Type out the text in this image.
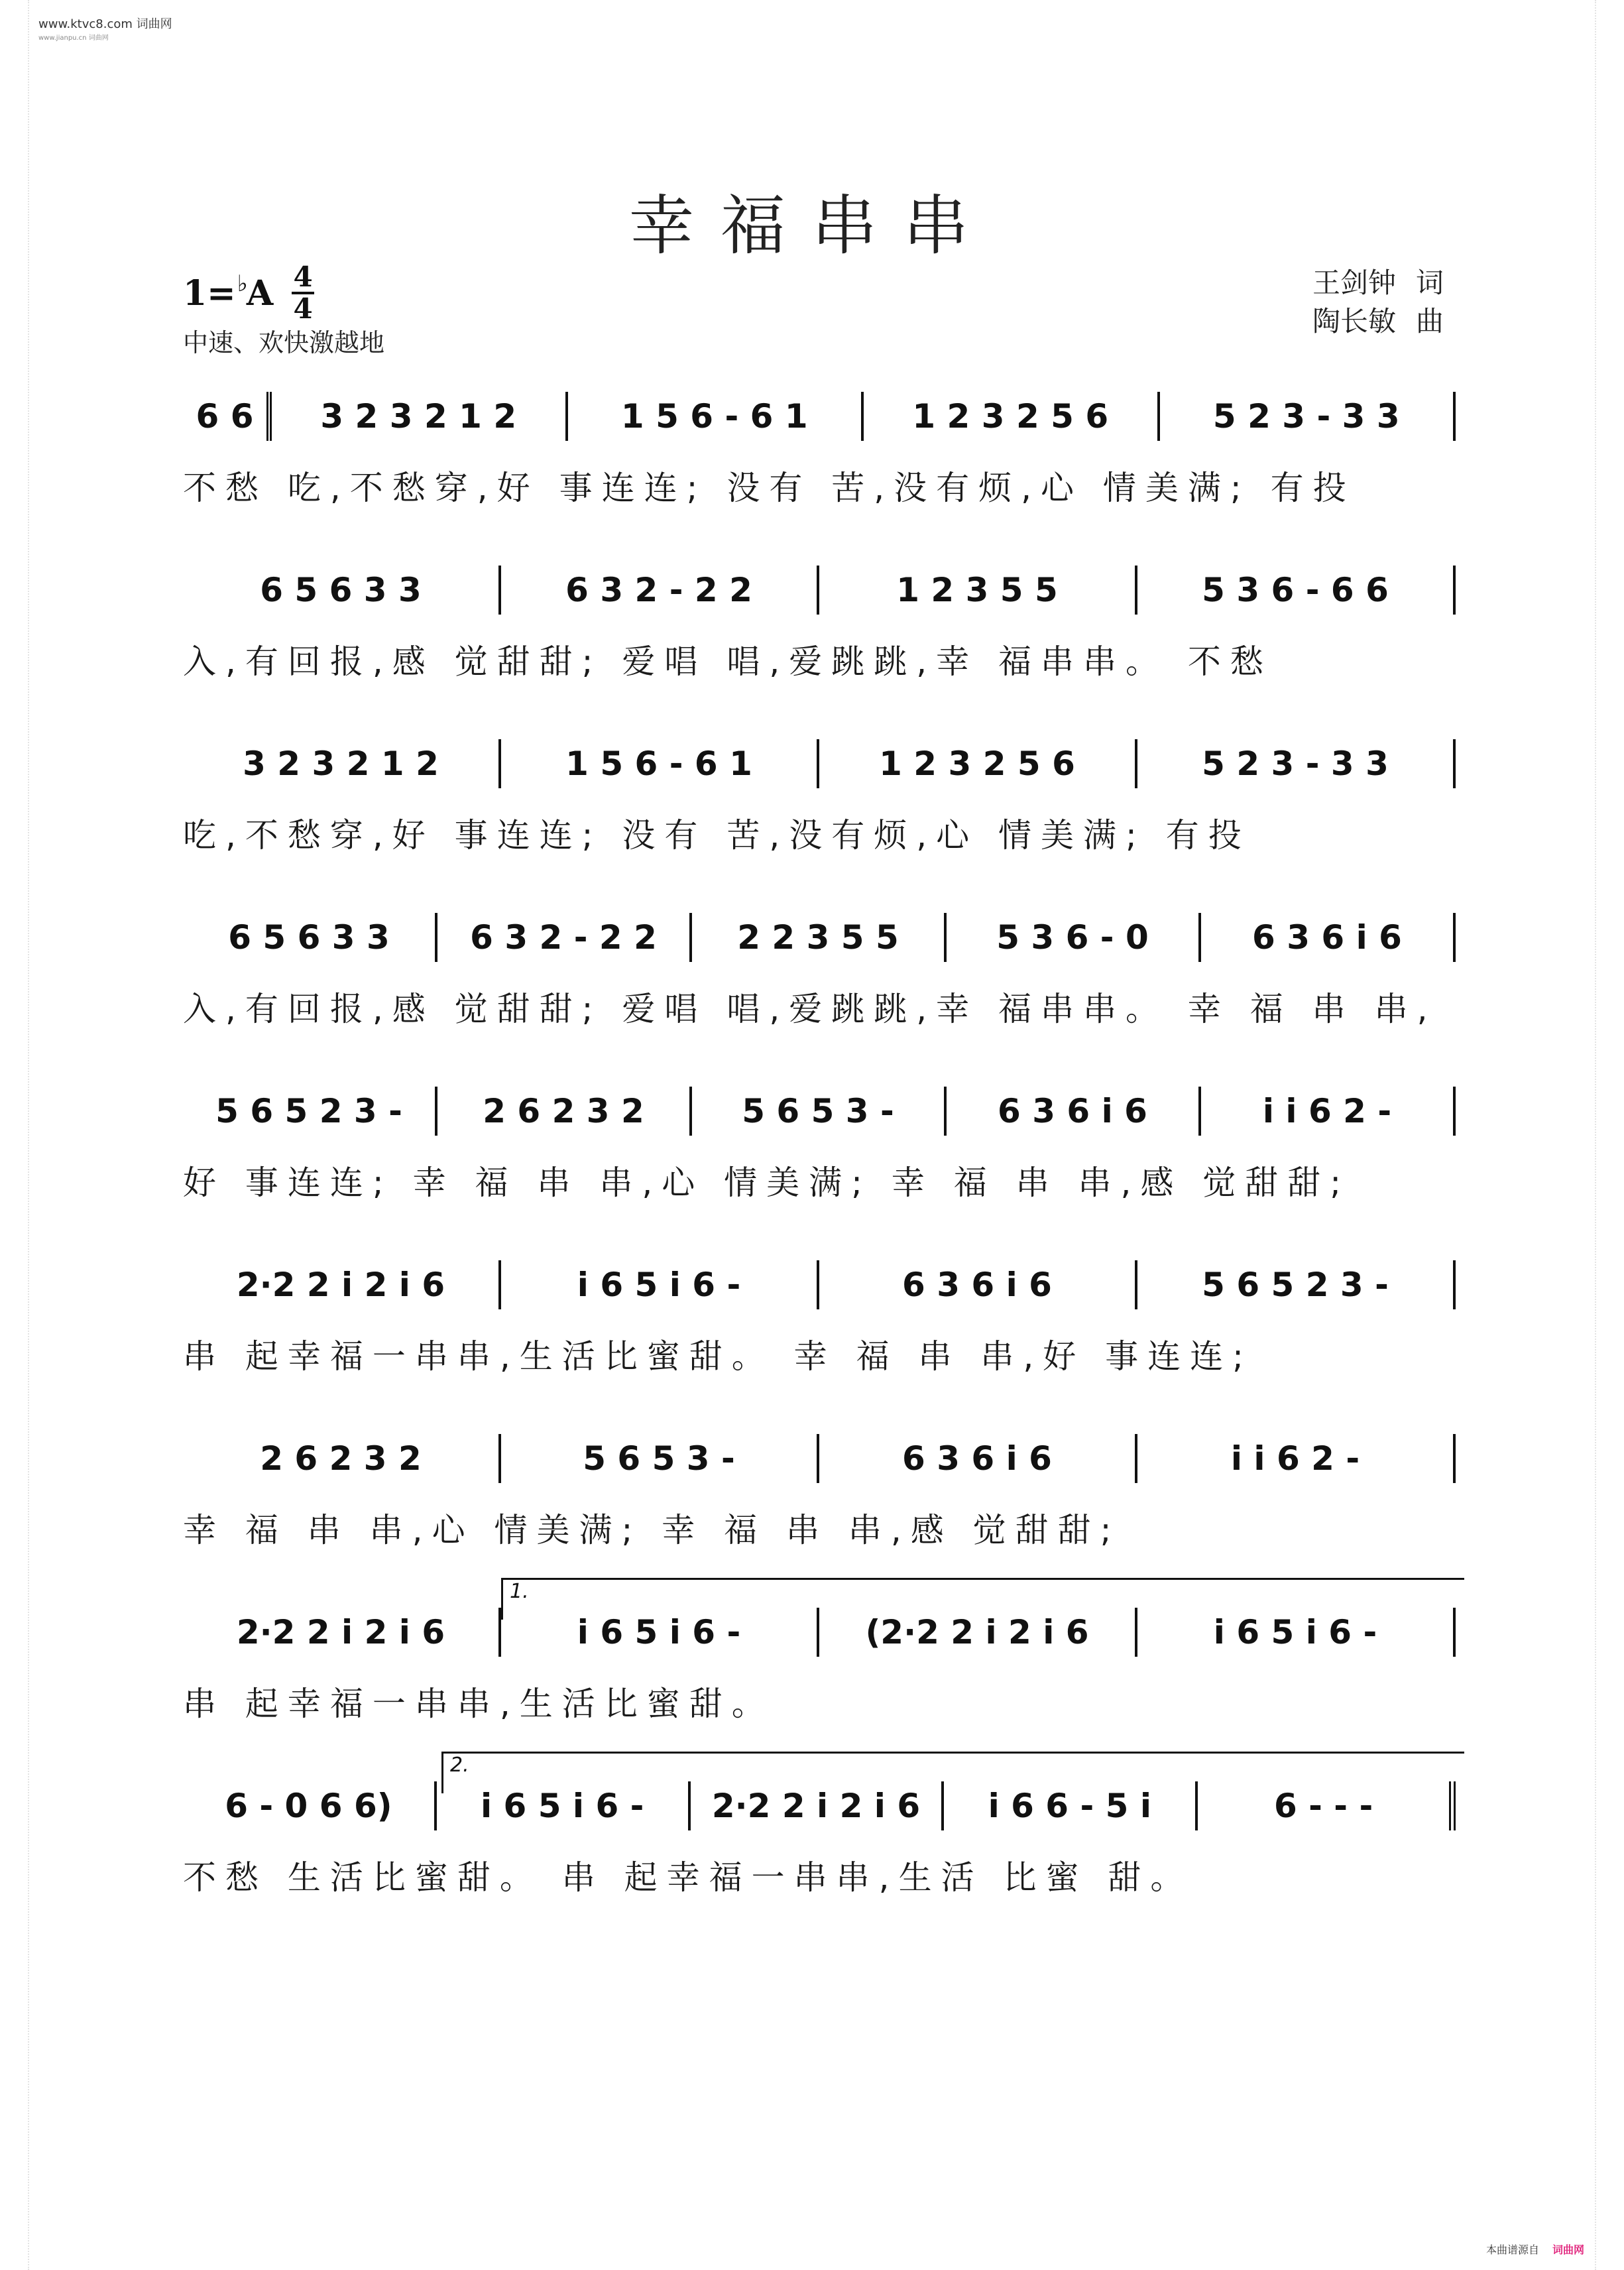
www.ktvc8.com 词曲网
www.jianpu.cn 词曲网
幸福串串
1=♭
A 4
4
中速、欢快激越地
王剑钟 词
陶长敏 曲
6 6	3 2 3 2 1 2	1 5 6 - 6 1	1 2 3 2 5 6	5 2 3 - 3 3
不愁 吃,不愁穿,好 事连连; 没有 苦,没有烦,心 情美满; 有投
6 5 6 3 3	6 3 2 - 2 2	1 2 3 5 5	5 3 6 - 6 6
入,有回报,感 觉甜甜; 爱唱 唱,爱跳跳,幸 福串串。 不愁
3 2 3 2 1 2	1 5 6 - 6 1	1 2 3 2 5 6	5 2 3 - 3 3
吃,不愁穿,好 事连连; 没有 苦,没有烦,心 情美满; 有投
6 5 6 3 3	6 3 2 - 2 2	2 2 3 5 5	5 3 6 - 0	6 3 6 i 6
入,有回报,感 觉甜甜; 爱唱 唱,爱跳跳,幸 福串串。 幸 福 串 串,
5 6 5 2 3 -	2 6 2 3 2	5 6 5 3 -	6 3 6 i 6	i i 6 2 -
好 事连连; 幸 福 串 串,心 情美满; 幸 福 串 串,感 觉甜甜;
2·2 2 i 2 i 6	i 6 5 i 6 -	6 3 6 i 6	5 6 5 2 3 -
串 起幸福一串串,生活比蜜甜。 幸 福 串 串,好 事连连;
2 6 2 3 2	5 6 5 3 -	6 3 6 i 6	i i 6 2 -
幸 福 串 串,心 情美满; 幸 福 串 串,感 觉甜甜;
2·2 2 i 2 i 6	i 6 5 i 6 -	(2·2 2 i 2 i 6	i 6 5 i 6 -
1.
串 起幸福一串串,生活比蜜甜。
6 - 0 6 6)	i 6 5 i 6 -	2·2 2 i 2 i 6	i 6 6 - 5 i	6 - - -
2.
不愁 生活比蜜甜。 串 起幸福一串串,生活 比蜜 甜。
本曲谱源自 词曲网
